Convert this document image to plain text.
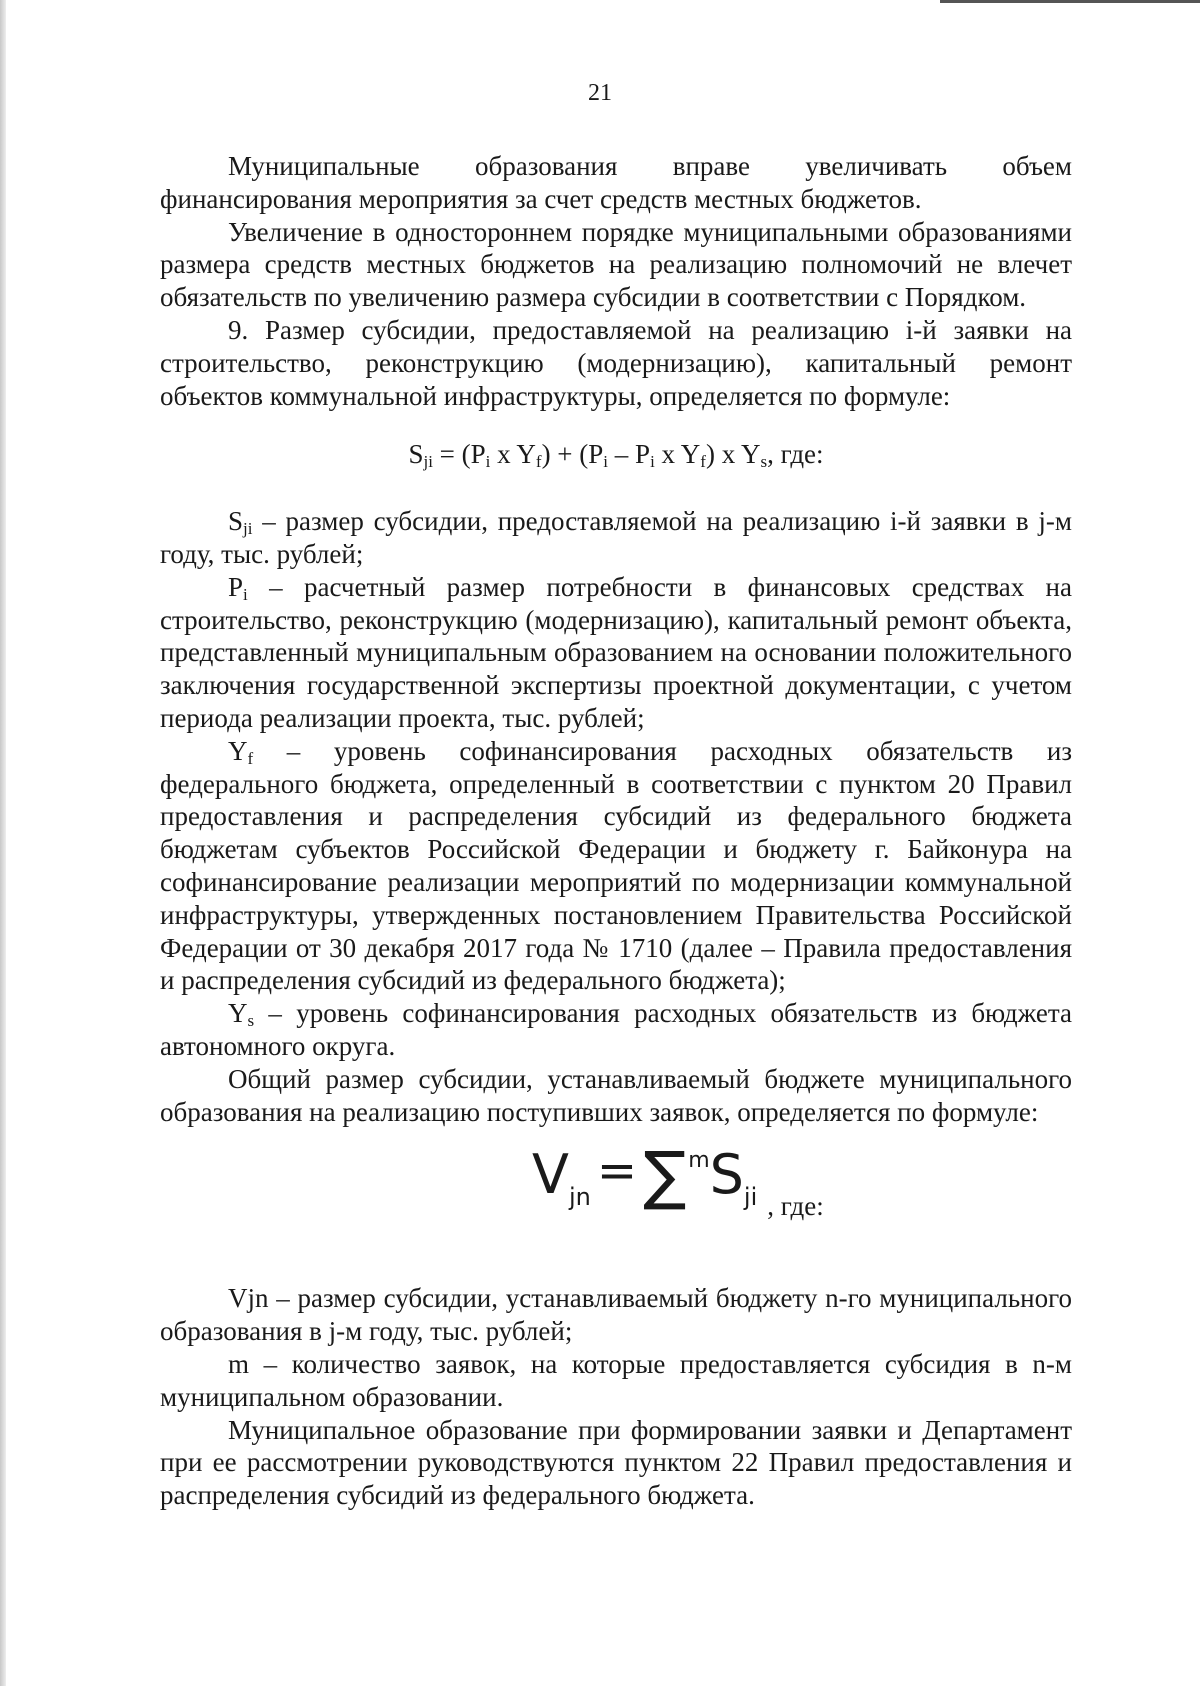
21

Муниципальные образования вправе увеличивать объем финансирования мероприятия за счет средств местных бюджетов.

Увеличение в одностороннем порядке муниципальными образованиями размера средств местных бюджетов на реализацию полномочий не влечет обязательств по увеличению размера субсидии в соответствии с Порядком.

9. Размер субсидии, предоставляемой на реализацию i-й заявки на строительство, реконструкцию (модернизацию), капитальный ремонт объектов коммунальной инфраструктуры, определяется по формуле:

$S_{ji} = (P_i$ x $Y_f) + (P_i - P_i$ x $Y_f$) x $Y_s$, где:

$S_{ji}$ – размер субсидии, предоставляемой на реализацию i-й заявки в j-м году, тыс. рублей;

$P_i$ – расчетный размер потребности в финансовых средствах на строительство, реконструкцию (модернизацию), капитальный ремонт объекта, представленный муниципальным образованием на основании положительного заключения государственной экспертизы проектной документации, с учетом периода реализации проекта, тыс. рублей;

$Y_f$ – уровень софинансирования расходных обязательств из федерального бюджета, определенный в соответствии с пунктом 20 Правил предоставления и распределения субсидий из федерального бюджета бюджетам субъектов Российской Федерации и бюджету г. Байконура на софинансирование реализации мероприятий по модернизации коммунальной инфраструктуры, утвержденных постановлением Правительства Российской Федерации от 30 декабря 2017 года № 1710 (далее – Правила предоставления и распределения субсидий из федерального бюджета);

$Y_s$ – уровень софинансирования расходных обязательств из бюджета автономного округа.

Общий размер субсидии, устанавливаемый бюджете муниципального образования на реализацию поступивших заявок, определяется по формуле:

Vjn =∑$^m$Sji , где:

Vjn – размер субсидии, устанавливаемый бюджету n-го муниципального образования в j-м году, тыс. рублей;

m – количество заявок, на которые предоставляется субсидия в n-м муниципальном образовании.

Муниципальное образование при формировании заявки и Департамент при ее рассмотрении руководствуются пунктом 22 Правил предоставления и распределения субсидий из федерального бюджета.
